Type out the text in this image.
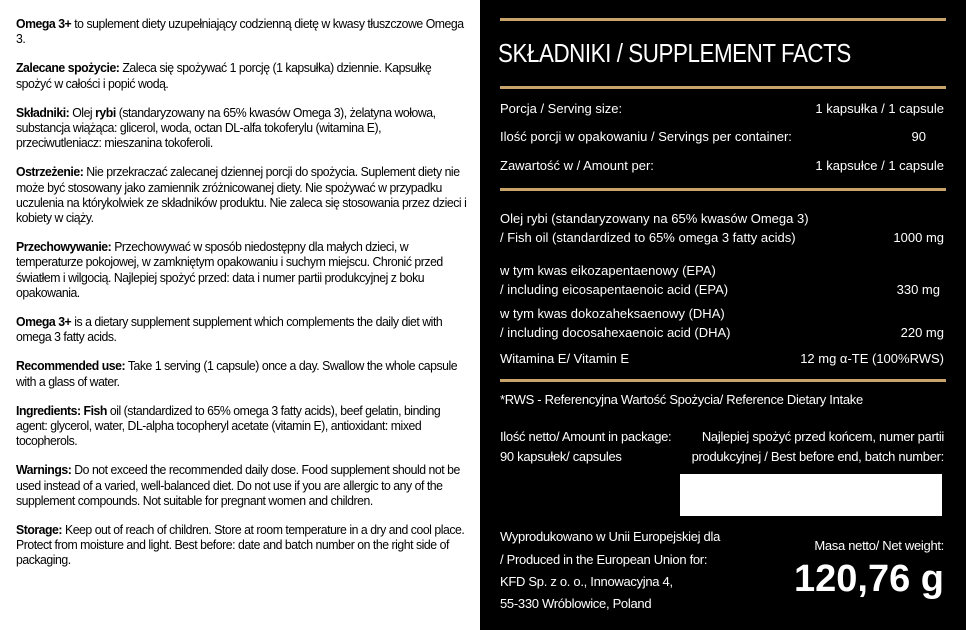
Omega 3+ to suplement diety uzupełniający codzienną dietę w kwasy tłuszczowe Omega 3.

Zalecane spożycie: Zaleca się spożywać 1 porcję (1 kapsułka) dziennie. Kapsułkę spożyć w całości i popić wodą.

Składniki: Olej rybi (standaryzowany na 65% kwasów Omega 3), żelatyna wołowa, substancja wiążąca: glicerol, woda, octan DL-alfa tokoferylu (witamina E), przeciwutleniacz: mieszanina tokoferoli.

Ostrzeżenie: Nie przekraczać zalecanej dziennej porcji do spożycia. Suplement diety nie może być stosowany jako zamiennik zróżnicowanej diety. Nie spożywać w przypadku uczulenia na którykolwiek ze składników produktu. Nie zaleca się stosowania przez dzieci i kobiety w ciąży.

Przechowywanie: Przechowywać w sposób niedostępny dla małych dzieci, w temperaturze pokojowej, w zamkniętym opakowaniu i suchym miejscu. Chronić przed światłem i wilgocią. Najlepiej spożyć przed: data i numer partii produkcyjnej z boku opakowania.

Omega 3+ is a dietary supplement supplement which complements the daily diet with omega 3 fatty acids.

Recommended use: Take 1 serving (1 capsule) once a day. Swallow the whole capsule with a glass of water.

Ingredients: Fish oil (standardized to 65% omega 3 fatty acids), beef gelatin, binding agent: glycerol, water, DL-alpha tocopheryl acetate (vitamin E), antioxidant: mixed tocopherols.

Warnings: Do not exceed the recommended daily dose. Food supplement should not be used instead of a varied, well-balanced diet. Do not use if you are allergic to any of the supplement compounds. Not suitable for pregnant women and children.

Storage: Keep out of reach of children. Store at room temperature in a dry and cool place. Protect from moisture and light. Best before: date and batch number on the right side of packaging.

SKŁADNIKI / SUPPLEMENT FACTS
Porcja / Serving size:	1 kapsułka / 1 capsule
Ilość porcji w opakowaniu / Servings per container:	90
Zawartość w / Amount per:	1 kapsułce / 1 capsule
Olej rybi (standaryzowany na 65% kwasów Omega 3)
/ Fish oil (standardized to 65% omega 3 fatty acids)	1000 mg
w tym kwas eikozapentaenowy (EPA)
/ including eicosapentaenoic acid (EPA)	330 mg
w tym kwas dokozaheksaenowy (DHA)
/ including docosahexaenoic acid (DHA)	220 mg
Witamina E/ Vitamin E	12 mg α-TE (100%RWS)
*RWS - Referencyjna Wartość Spożycia/ Reference Dietary Intake
Ilość netto/ Amount in package:
90 kapsułek/ capsules
Najlepiej spożyć przed końcem, numer partii
produkcyjnej / Best before end, batch number:
Wyprodukowano w Unii Europejskiej dla
/ Produced in the European Union for:
KFD Sp. z o. o., Innowacyjna 4,
55-330 Wróblowice, Poland
Masa netto/ Net weight:
120,76 g
